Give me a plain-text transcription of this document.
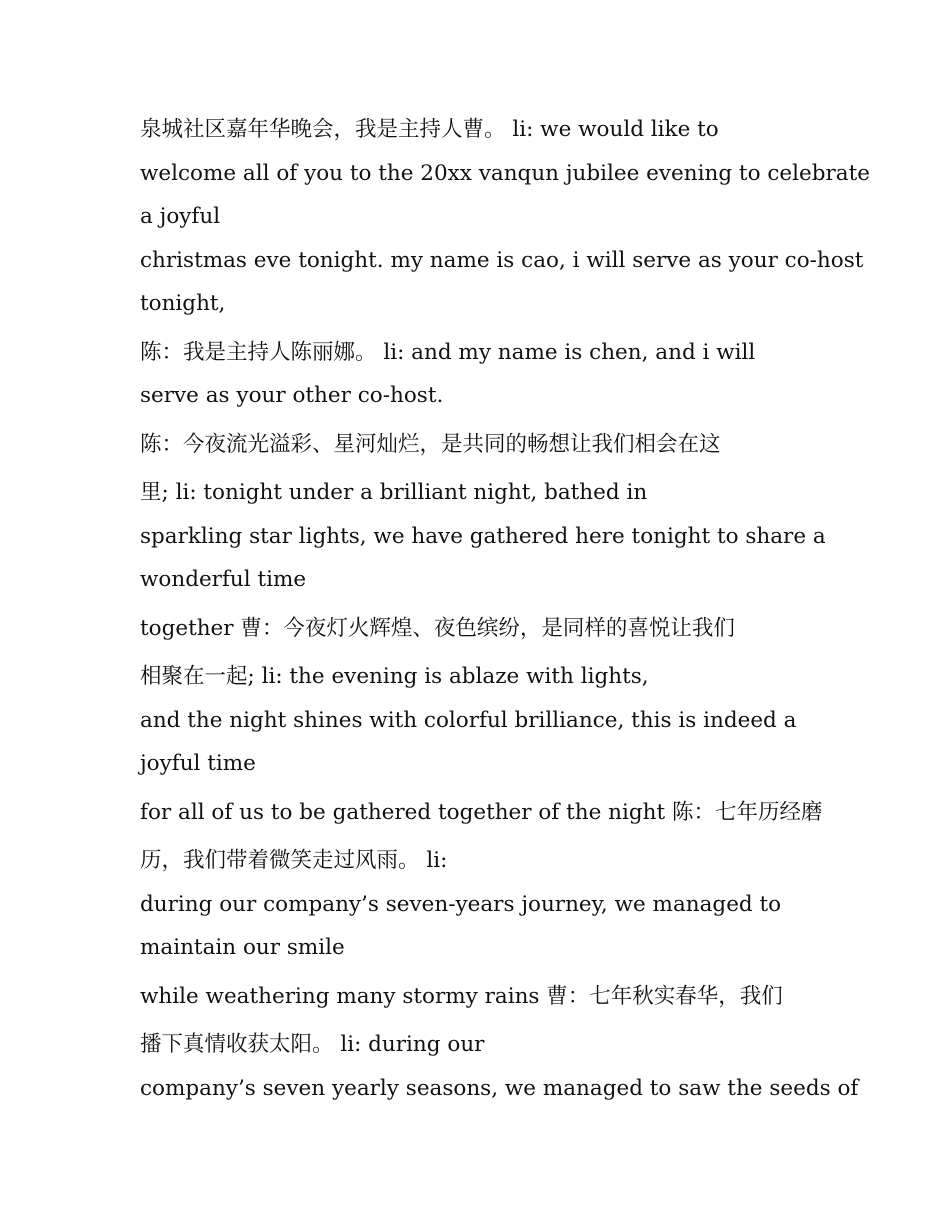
泉城社区嘉年华晚会，我是主持人曹。 li: we would like to
welcome all of you to the 20xx vanqun jubilee evening to celebrate
a joyful
christmas eve tonight. my name is cao, i will serve as your co-host
tonight,
陈：我是主持人陈丽娜。 li: and my name is chen, and i will
serve as your other co-host.
陈：今夜流光溢彩、星河灿烂，是共同的畅想让我们相会在这
里; li: tonight under a brilliant night, bathed in
sparkling star lights, we have gathered here tonight to share a
wonderful time
together 曹：今夜灯火辉煌、夜色缤纷，是同样的喜悦让我们
相聚在一起; li: the evening is ablaze with lights,
and the night shines with colorful brilliance, this is indeed a
joyful time
for all of us to be gathered together of the night 陈：七年历经磨
历，我们带着微笑走过风雨。 li:
during our company’s seven-years journey, we managed to
maintain our smile
while weathering many stormy rains 曹：七年秋实春华，我们
播下真情收获太阳。 li: during our
company’s seven yearly seasons, we managed to saw the seeds of
